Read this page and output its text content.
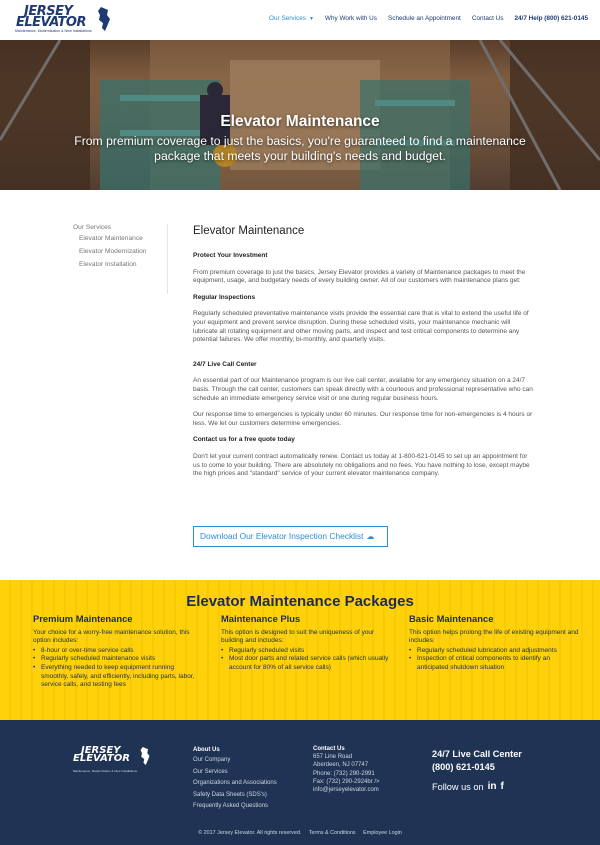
JERSEY
ELEVATOR
Maintenance, Modernization & New Installations
Our Services ▼ Why Work with Us Schedule an Appointment Contact Us 24/7 Help (800) 621-0145
Elevator Maintenance
From premium coverage to just the basics, you're guaranteed to find a maintenance package that meets your building's needs and budget.
Our Services
Elevator Maintenance
Elevator Modernization
Elevator Installation
Elevator Maintenance
Protect Your Investment

From premium coverage to just the basics, Jersey Elevator provides a variety of Maintenance packages to meet the equipment, usage, and budgetary needs of every building owner. All of our customers with maintenance plans get:

Regular Inspections

Regularly scheduled preventative maintenance visits provide the essential care that is vital to extend the useful life of your equipment and prevent service disruption. During these scheduled visits, your maintenance mechanic will lubricate all rotating equipment and other moving parts, and inspect and test critical components to determine any potential failures. We offer monthly, bi-monthly, and quarterly visits.

24/7 Live Call Center

An essential part of our Maintenance program is our live call center, available for any emergency situation on a 24/7 basis. Through the call center, customers can speak directly with a courteous and professional representative who can schedule an immediate emergency service visit or one during regular business hours.

Our response time to emergencies is typically under 60 minutes. Our response time for non-emergencies is 4 hours or less. We let our customers determine emergencies.

Contact us for a free quote today

Don't let your current contract automatically renew. Contact us today at 1-800-621-0145 to set up an appointment for us to come to your building. There are absolutely no obligations and no fees. You have nothing to lose, except maybe the high prices and "standard" service of your current elevator maintenance company.

Download Our Elevator Inspection Checklist ☁
Elevator Maintenance Packages
Premium Maintenance
Your choice for a worry-free maintenance solution, this option includes:
• 8-hour or over-time service calls
• Regularly scheduled maintenance visits
• Everything needed to keep equipment running smoothly, safely, and efficiently, including parts, labor, service calls, and testing fees
Maintenance Plus
This option is designed to suit the uniqueness of your building and includes:
• Regularly scheduled visits
• Most door parts and related service calls (which usually account for 80% of all service calls)
Basic Maintenance
This option helps prolong the life of existing equipment and includes:
• Regularly scheduled lubrication and adjustments
• Inspection of critical components to identify an anticipated shutdown situation
JERSEY
ELEVATOR
Maintenance, Modernization & New Installations
About Us
Our Company
Our Services
Organizations and Associations
Safety Data Sheets (SDS's)
Frequently Asked Questions
Contact Us
657 Line Road
Aberdeen, NJ 07747
Phone: (732) 290-2991
Fax: (732) 290-2924br />
info@jerseyelevator.com
24/7 Live Call Center
(800) 621-0145
Follow us on in f
© 2017 Jersey Elevator. All rights reserved. Terms & Conditions Employee Login
